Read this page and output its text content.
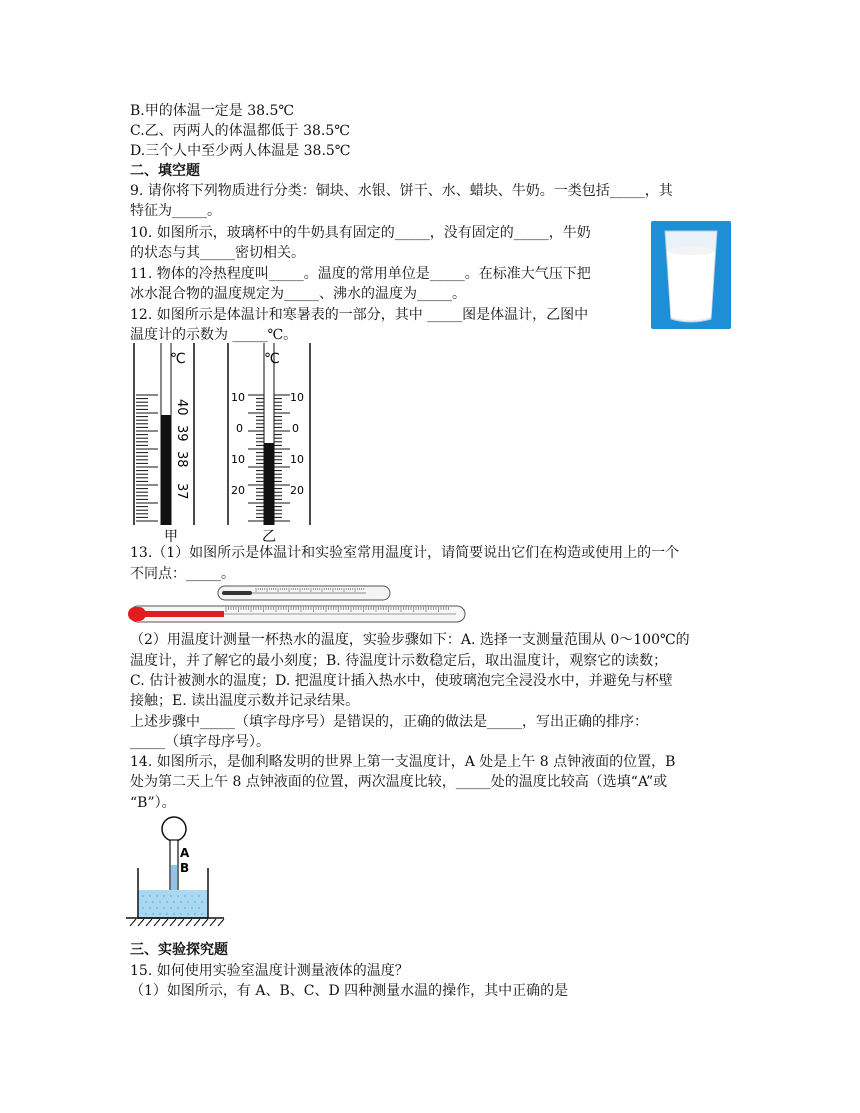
B.甲的体温一定是 38.5℃
C.乙、丙两人的体温都低于 38.5℃
D.三个人中至少两人体温是 38.5℃
二、填空题
9. 请你将下列物质进行分类：铜块、水银、饼干、水、蜡块、牛奶。一类包括_____，其
特征为_____。
10. 如图所示，玻璃杯中的牛奶具有固定的_____，没有固定的_____，牛奶
的状态与其_____密切相关。
11. 物体的冷热程度叫_____。温度的常用单位是_____。在标准大气压下把
冰水混合物的温度规定为_____、沸水的温度为_____。
12. 如图所示是体温计和寒暑表的一部分，其中 _____图是体温计，乙图中
温度计的示数为 _____℃。
℃
40
39
38
37
甲
℃
10
0
10
20
10
0
10
20
乙
13.（1）如图所示是体温计和实验室常用温度计，请简要说出它们在构造或使用上的一个
不同点：_____。
（2）用温度计测量一杯热水的温度，实验步骤如下：A. 选择一支测量范围从 0～100℃的
温度计，并了解它的最小刻度；B. 待温度计示数稳定后，取出温度计，观察它的读数；
C. 估计被测水的温度；D. 把温度计插入热水中，使玻璃泡完全浸没水中，并避免与杯壁
接触；E. 读出温度示数并记录结果。
上述步骤中_____（填字母序号）是错误的，正确的做法是_____，写出正确的排序：
_____（填字母序号）。
14. 如图所示，是伽利略发明的世界上第一支温度计，A 处是上午 8 点钟液面的位置，B
处为第二天上午 8 点钟液面的位置，两次温度比较，_____处的温度比较高（选填“A”或
“B”）。
A
B
三、实验探究题
15. 如何使用实验室温度计测量液体的温度？
（1）如图所示，有 A、B、C、D 四种测量水温的操作，其中正确的是
